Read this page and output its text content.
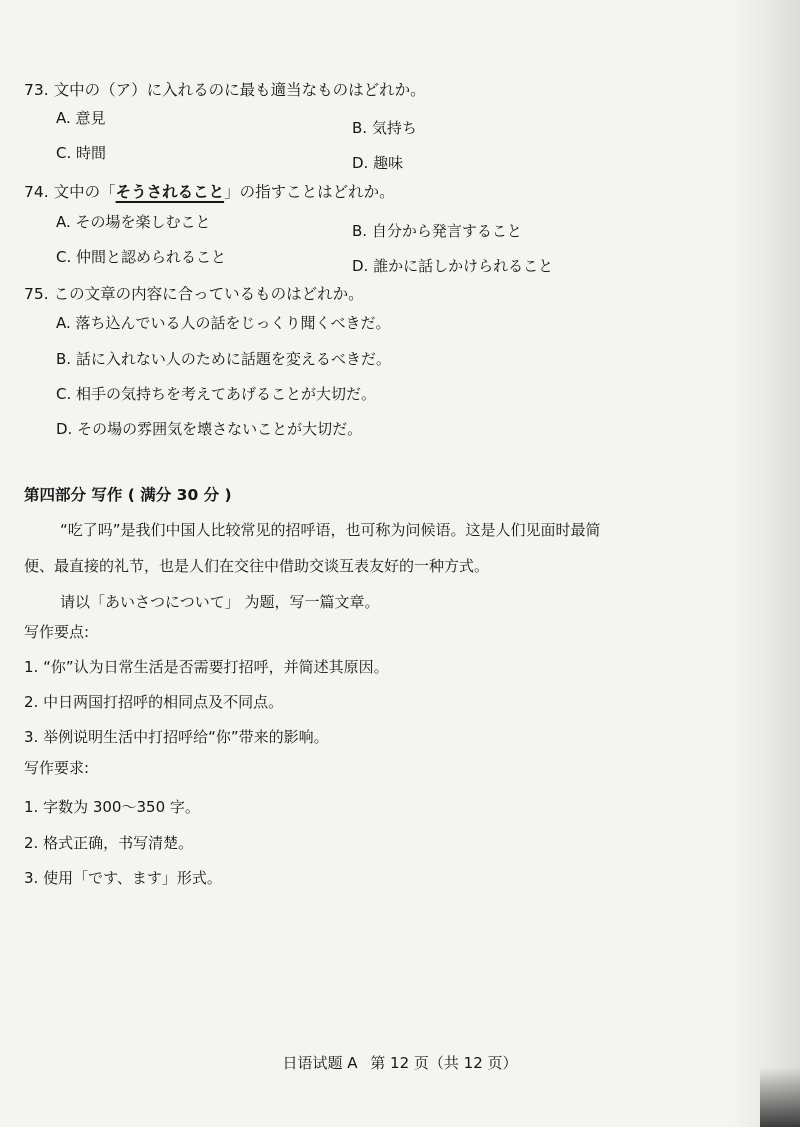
73. 文中の（ア）に入れるのに最も適当なものはどれか。
A. 意見
B. 気持ち
C. 時間
D. 趣味
74. 文中の「そうされること」の指すことはどれか。
A. その場を楽しむこと	B. 自分から発言すること
C. 仲間と認められること	D. 誰かに話しかけられること
75. この文章の内容に合っているものはどれか。
A. 落ち込んでいる人の話をじっくり聞くべきだ。
B. 話に入れない人のために話題を変えるべきだ。
C. 相手の気持ちを考えてあげることが大切だ。
D. その場の雰囲気を壊さないことが大切だ。
第四部分 写作 ( 满分 30 分 )
“吃了吗”是我们中国人比较常见的招呼语，也可称为问候语。这是人们见面时最简
便、最直接的礼节，也是人们在交往中借助交谈互表友好的一种方式。
请以「あいさつについて」 为题，写一篇文章。
写作要点:
1. “你”认为日常生活是否需要打招呼，并简述其原因。
2. 中日两国打招呼的相同点及不同点。
3. 举例说明生活中打招呼给“你”带来的影响。
写作要求:
1. 字数为 300～350 字。
2. 格式正确，书写清楚。
3. 使用「です、ます」形式。
日语试题 A 第 12 页（共 12 页）
